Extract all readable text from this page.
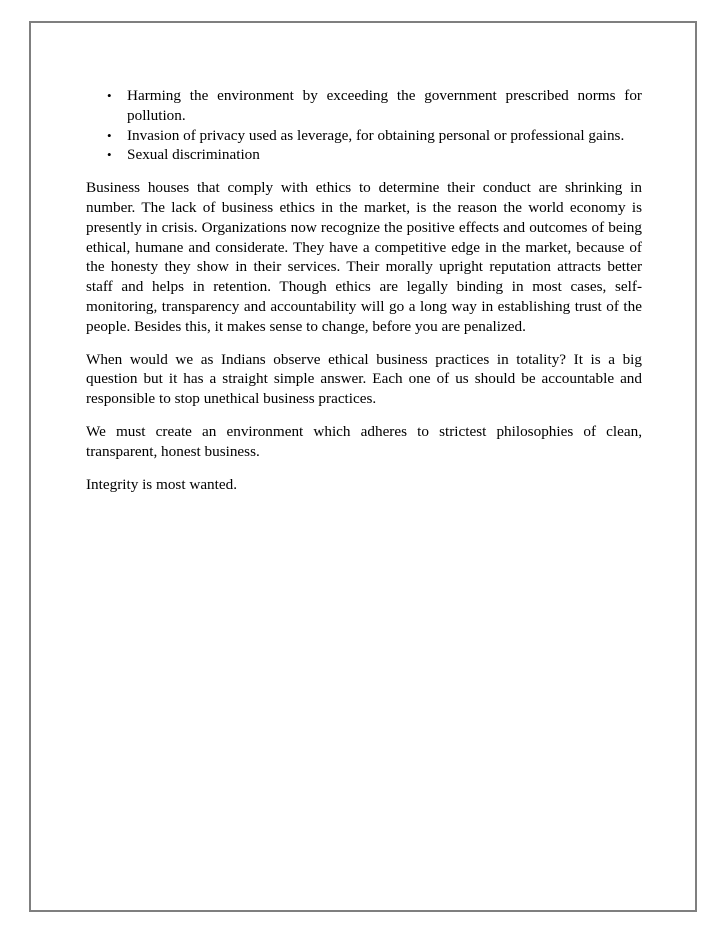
• Harming the environment by exceeding the government prescribed norms for pollution.
• Invasion of privacy used as leverage, for obtaining personal or professional gains.
• Sexual discrimination

Business houses that comply with ethics to determine their conduct are shrinking in number. The lack of business ethics in the market, is the reason the world economy is presently in crisis. Organizations now recognize the positive effects and outcomes of being ethical, humane and considerate. They have a competitive edge in the market, because of the honesty they show in their services. Their morally upright reputation attracts better staff and helps in retention. Though ethics are legally binding in most cases, self-monitoring, transparency and accountability will go a long way in establishing trust of the people. Besides this, it makes sense to change, before you are penalized.

When would we as Indians observe ethical business practices in totality? It is a big question but it has a straight simple answer. Each one of us should be accountable and responsible to stop unethical business practices.

We must create an environment which adheres to strictest philosophies of clean, transparent, honest business.

Integrity is most wanted.
